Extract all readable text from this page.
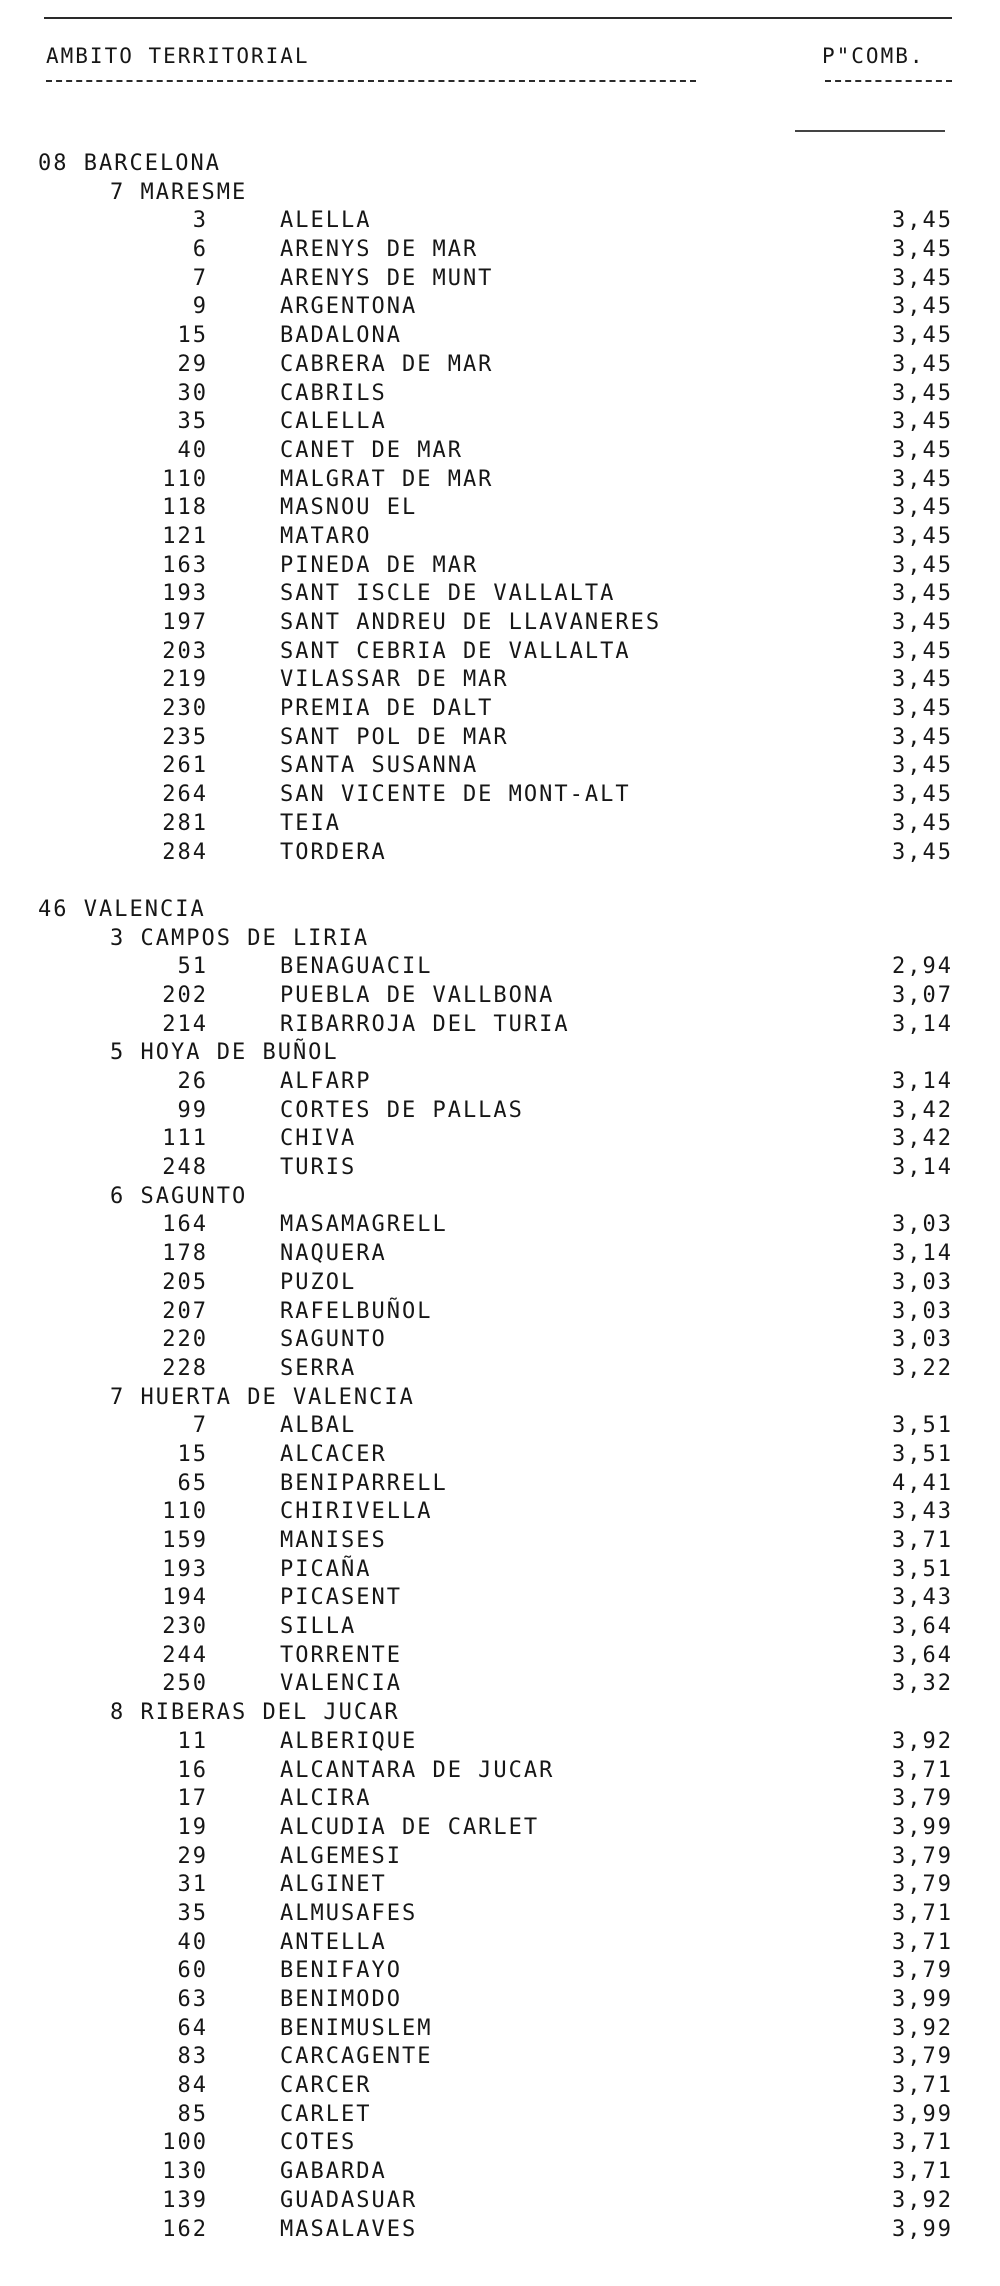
AMBITO TERRITORIAL	P"COMB.
08 BARCELONA
7 MARESME
3	ALELLA	3,45
6	ARENYS DE MAR	3,45
7	ARENYS DE MUNT	3,45
9	ARGENTONA	3,45
15	BADALONA	3,45
29	CABRERA DE MAR	3,45
30	CABRILS	3,45
35	CALELLA	3,45
40	CANET DE MAR	3,45
110	MALGRAT DE MAR	3,45
118	MASNOU EL	3,45
121	MATARO	3,45
163	PINEDA DE MAR	3,45
193	SANT ISCLE DE VALLALTA	3,45
197	SANT ANDREU DE LLAVANERES	3,45
203	SANT CEBRIA DE VALLALTA	3,45
219	VILASSAR DE MAR	3,45
230	PREMIA DE DALT	3,45
235	SANT POL DE MAR	3,45
261	SANTA SUSANNA	3,45
264	SAN VICENTE DE MONT-ALT	3,45
281	TEIA	3,45
284	TORDERA	3,45
46 VALENCIA
3 CAMPOS DE LIRIA
51	BENAGUACIL	2,94
202	PUEBLA DE VALLBONA	3,07
214	RIBARROJA DEL TURIA	3,14
5 HOYA DE BUÑOL
26	ALFARP	3,14
99	CORTES DE PALLAS	3,42
111	CHIVA	3,42
248	TURIS	3,14
6 SAGUNTO
164	MASAMAGRELL	3,03
178	NAQUERA	3,14
205	PUZOL	3,03
207	RAFELBUÑOL	3,03
220	SAGUNTO	3,03
228	SERRA	3,22
7 HUERTA DE VALENCIA
7	ALBAL	3,51
15	ALCACER	3,51
65	BENIPARRELL	4,41
110	CHIRIVELLA	3,43
159	MANISES	3,71
193	PICAÑA	3,51
194	PICASENT	3,43
230	SILLA	3,64
244	TORRENTE	3,64
250	VALENCIA	3,32
8 RIBERAS DEL JUCAR
11	ALBERIQUE	3,92
16	ALCANTARA DE JUCAR	3,71
17	ALCIRA	3,79
19	ALCUDIA DE CARLET	3,99
29	ALGEMESI	3,79
31	ALGINET	3,79
35	ALMUSAFES	3,71
40	ANTELLA	3,71
60	BENIFAYO	3,79
63	BENIMODO	3,99
64	BENIMUSLEM	3,92
83	CARCAGENTE	3,79
84	CARCER	3,71
85	CARLET	3,99
100	COTES	3,71
130	GABARDA	3,71
139	GUADASUAR	3,92
162	MASALAVES	3,99
